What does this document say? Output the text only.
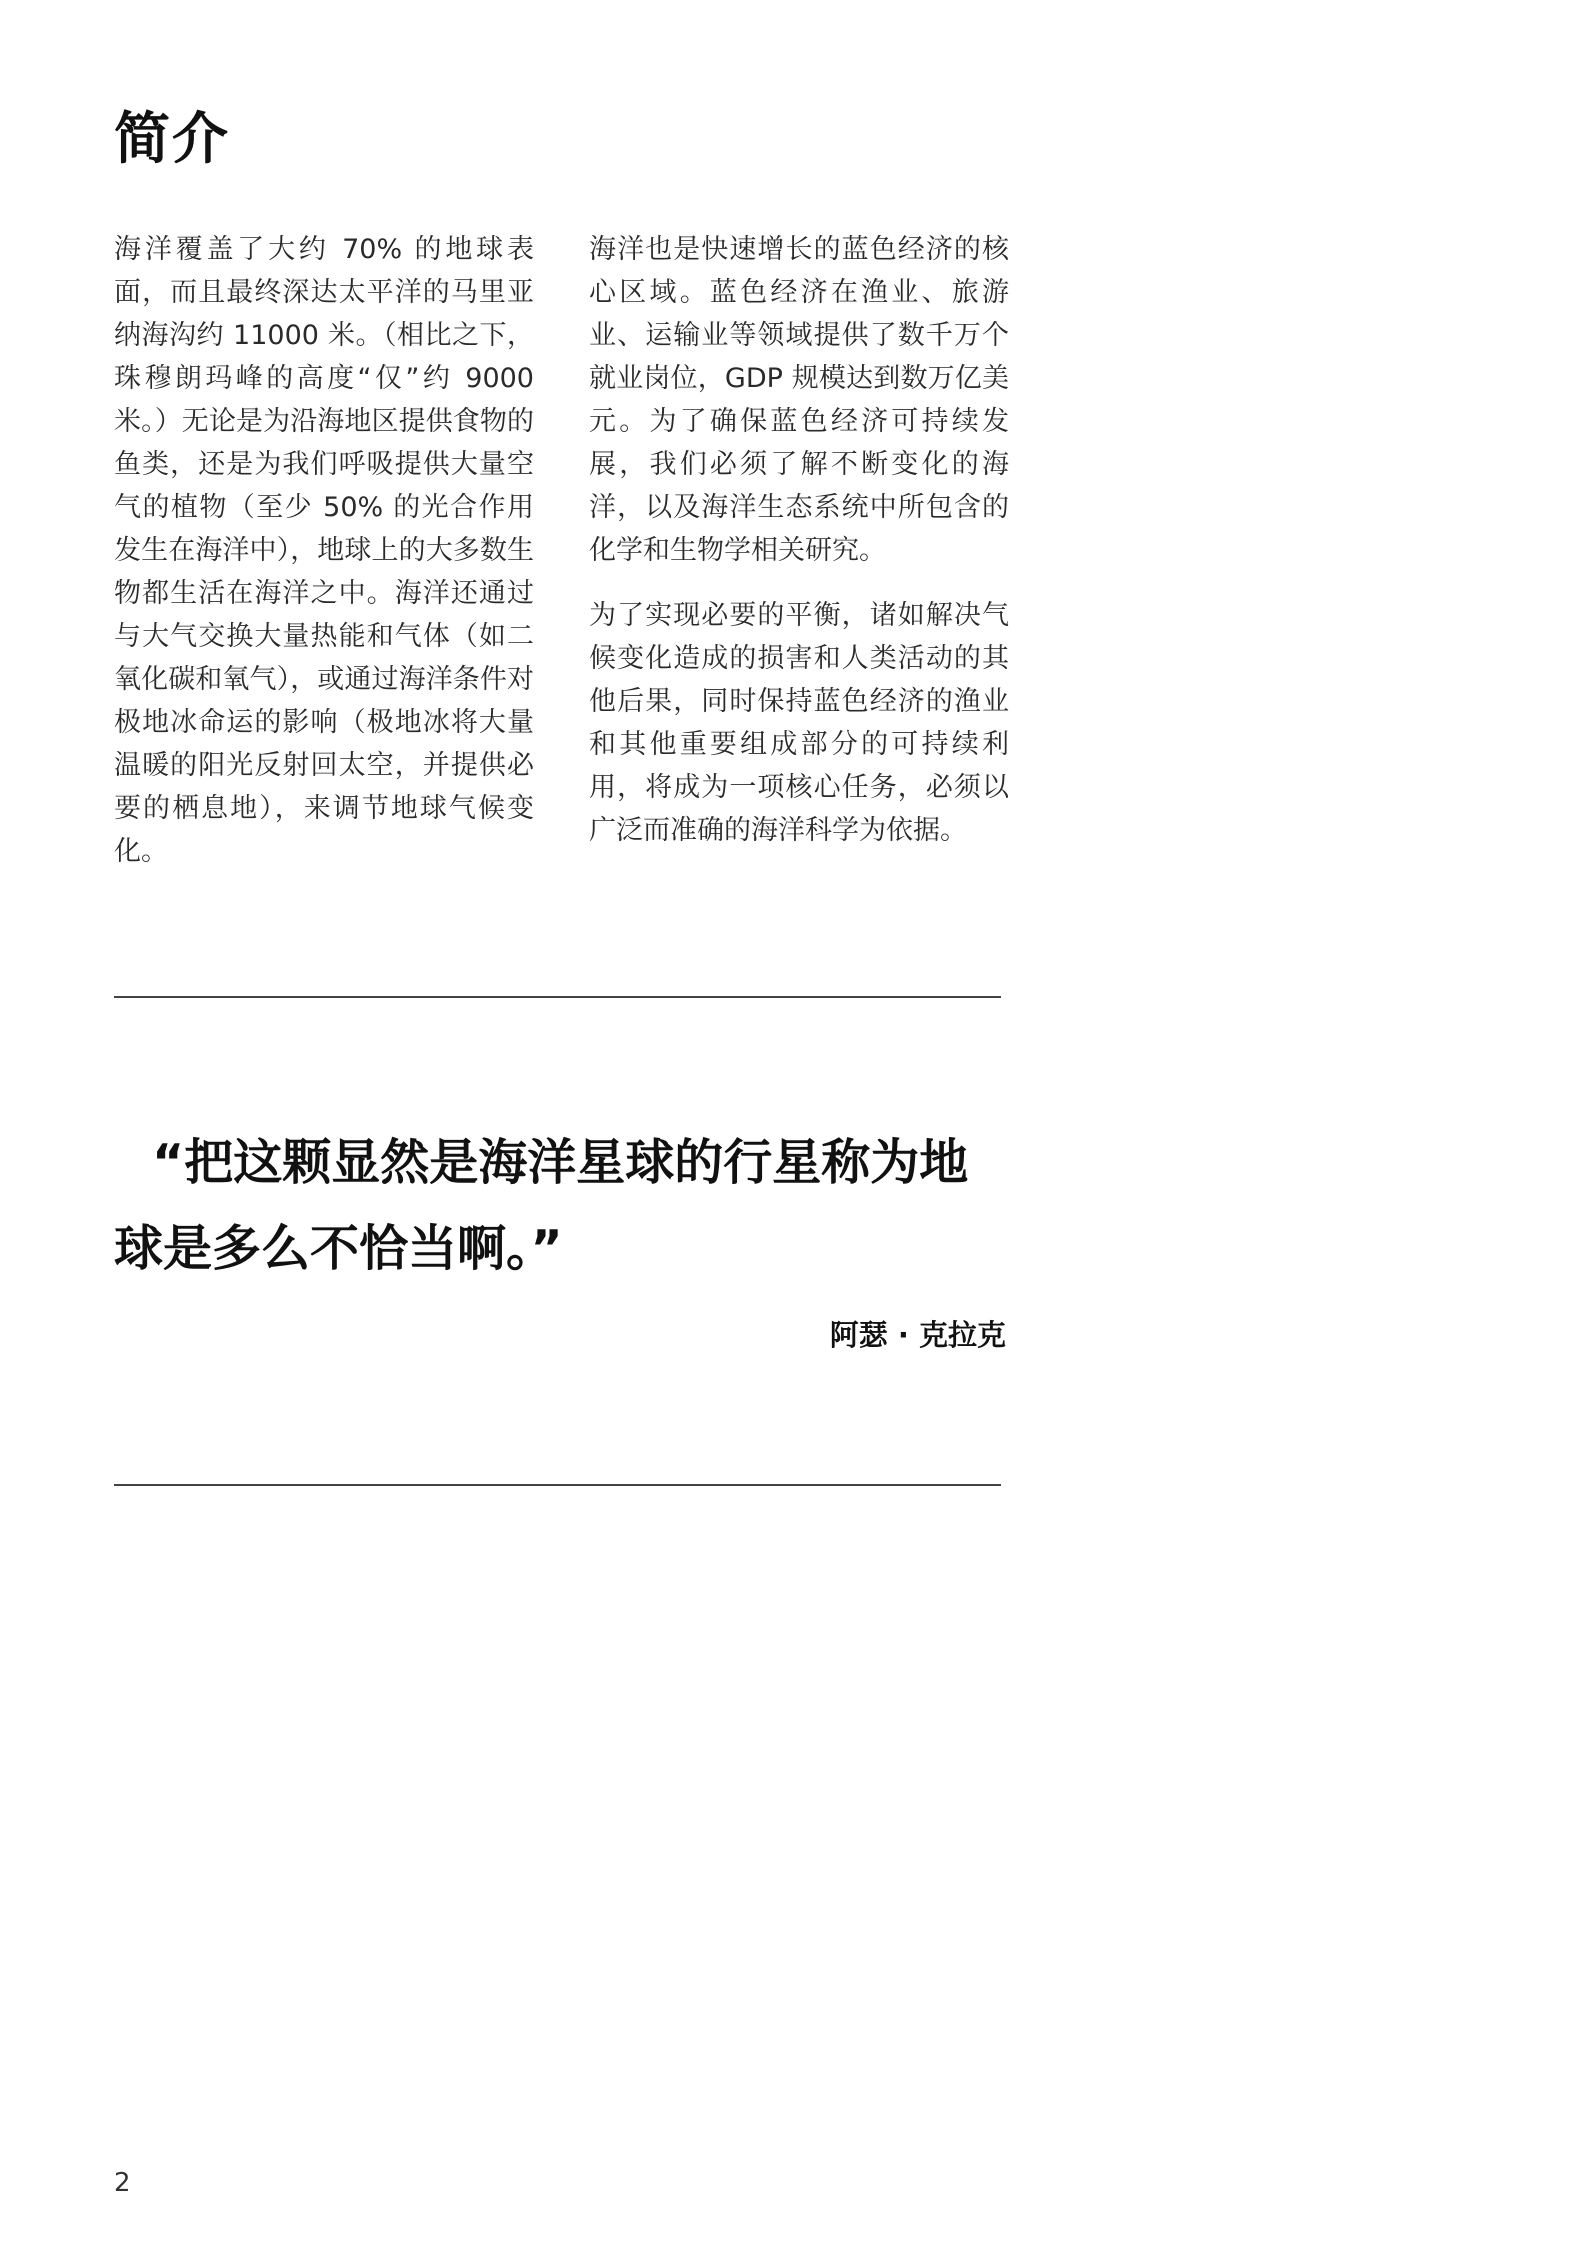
简介

海洋覆盖了大约 70% 的地球表面，而且最终深达太平洋的马里亚纳海沟约 11000 米。（相比之下，珠穆朗玛峰的高度“仅”约 9000 米。）无论是为沿海地区提供食物的鱼类，还是为我们呼吸提供大量空气的植物（至少 50% 的光合作用发生在海洋中），地球上的大多数生物都生活在海洋之中。海洋还通过与大气交换大量热能和气体（如二氧化碳和氧气），或通过海洋条件对极地冰命运的影响（极地冰将大量温暖的阳光反射回太空，并提供必要的栖息地），来调节地球气候变化。

海洋也是快速增长的蓝色经济的核心区域。蓝色经济在渔业、旅游业、运输业等领域提供了数千万个就业岗位，GDP 规模达到数万亿美元。为了确保蓝色经济可持续发展，我们必须了解不断变化的海洋，以及海洋生态系统中所包含的化学和生物学相关研究。

为了实现必要的平衡，诸如解决气候变化造成的损害和人类活动的其他后果，同时保持蓝色经济的渔业和其他重要组成部分的可持续利用，将成为一项核心任务，必须以广泛而准确的海洋科学为依据。

“把这颗显然是海洋星球的行星称为地
球是多么不恰当啊。”
阿瑟 · 克拉克
2
